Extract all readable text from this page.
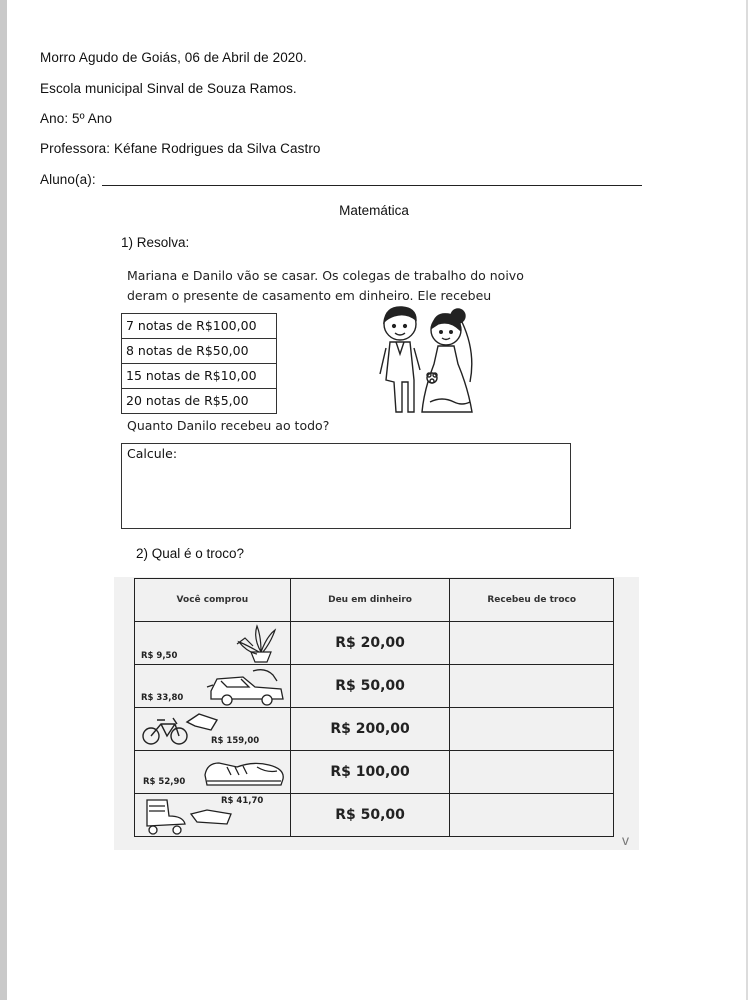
Morro Agudo de Goiás, 06 de Abril de 2020.
Escola municipal Sinval de Souza Ramos.
Ano: 5º Ano
Professora: Kéfane Rodrigues da Silva Castro
Aluno(a):
Matemática
1) Resolva:
Mariana e Danilo vão se casar. Os colegas de trabalho do noivo
deram o presente de casamento em dinheiro. Ele recebeu
7 notas de R$100,00
8 notas de R$50,00
15 notas de R$10,00
20 notas de R$5,00
Quanto Danilo recebeu ao todo?
Calcule:
2) Qual é o troco?
Você comprou	Deu em dinheiro	Recebeu de troco

R$ 9,50	R$ 20,00	

R$ 33,80	R$ 50,00	

R$ 159,00	R$ 200,00	

R$ 52,90	R$ 100,00	

R$ 41,70	R$ 50,00	
v
